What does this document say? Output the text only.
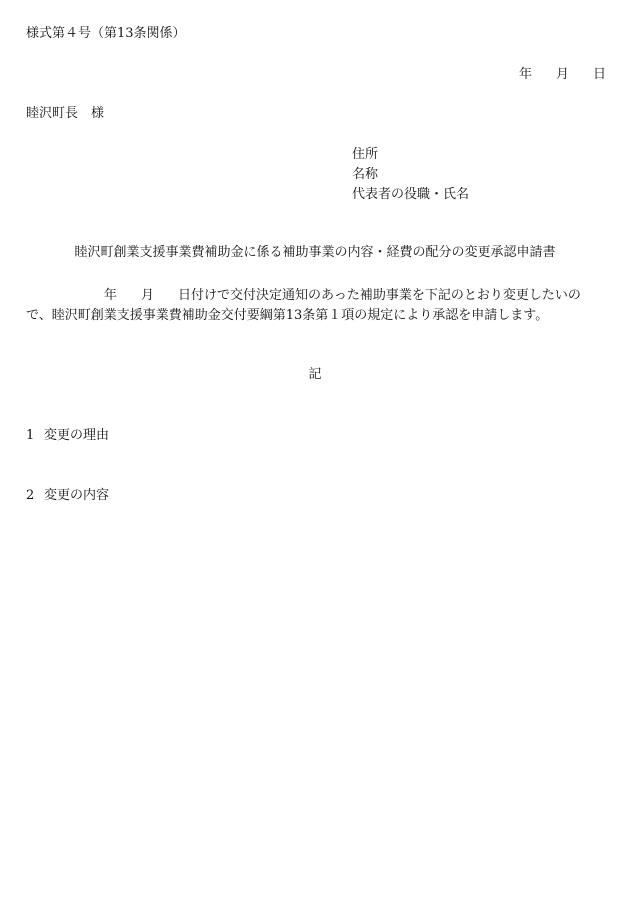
様式第４号（第13条関係）
年 月 日
睦沢町長　様
住所
名称
代表者の役職・氏名
睦沢町創業支援事業費補助金に係る補助事業の内容・経費の配分の変更承認申請書
年 月 日付けで交付決定通知のあった補助事業を下記のとおり変更したいので、睦沢町創業支援事業費補助金交付要綱第13条第１項の規定により承認を申請します。
記
1 変更の理由
2 変更の内容
